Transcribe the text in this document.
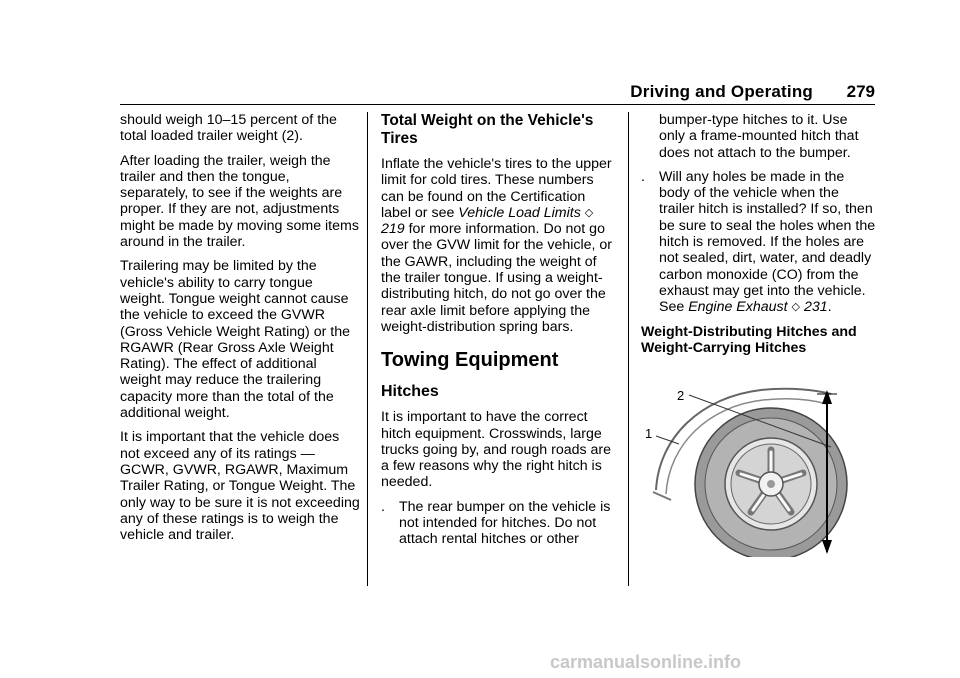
Driving and Operating 279

should weigh 10–15 percent of the total loaded trailer weight (2).

After loading the trailer, weigh the trailer and then the tongue, separately, to see if the weights are proper. If they are not, adjustments might be made by moving some items around in the trailer.

Trailering may be limited by the vehicle's ability to carry tongue weight. Tongue weight cannot cause the vehicle to exceed the GVWR (Gross Vehicle Weight Rating) or the RGAWR (Rear Gross Axle Weight Rating). The effect of additional weight may reduce the trailering capacity more than the total of the additional weight.

It is important that the vehicle does not exceed any of its ratings — GCWR, GVWR, RGAWR, Maximum Trailer Rating, or Tongue Weight. The only way to be sure it is not exceeding any of these ratings is to weigh the vehicle and trailer.

Total Weight on the Vehicle's Tires

Inflate the vehicle's tires to the upper limit for cold tires. These numbers can be found on the Certification label or see Vehicle Load Limits ◇ 219 for more information. Do not go over the GVW limit for the vehicle, or the GAWR, including the weight of the trailer tongue. If using a weight-distributing hitch, do not go over the rear axle limit before applying the weight-distribution spring bars.

Towing Equipment
Hitches

It is important to have the correct hitch equipment. Crosswinds, large trucks going by, and rough roads are a few reasons why the right hitch is needed.

. The rear bumper on the vehicle is not intended for hitches. Do not attach rental hitches or other

bumper-type hitches to it. Use only a frame-mounted hitch that does not attach to the bumper.

. Will any holes be made in the body of the vehicle when the trailer hitch is installed? If so, then be sure to seal the holes when the hitch is removed. If the holes are not sealed, dirt, water, and deadly carbon monoxide (CO) from the exhaust may get into the vehicle. See Engine Exhaust ◇ 231.

Weight-Distributing Hitches and Weight-Carrying Hitches
2
1
carmanualsonline.info
